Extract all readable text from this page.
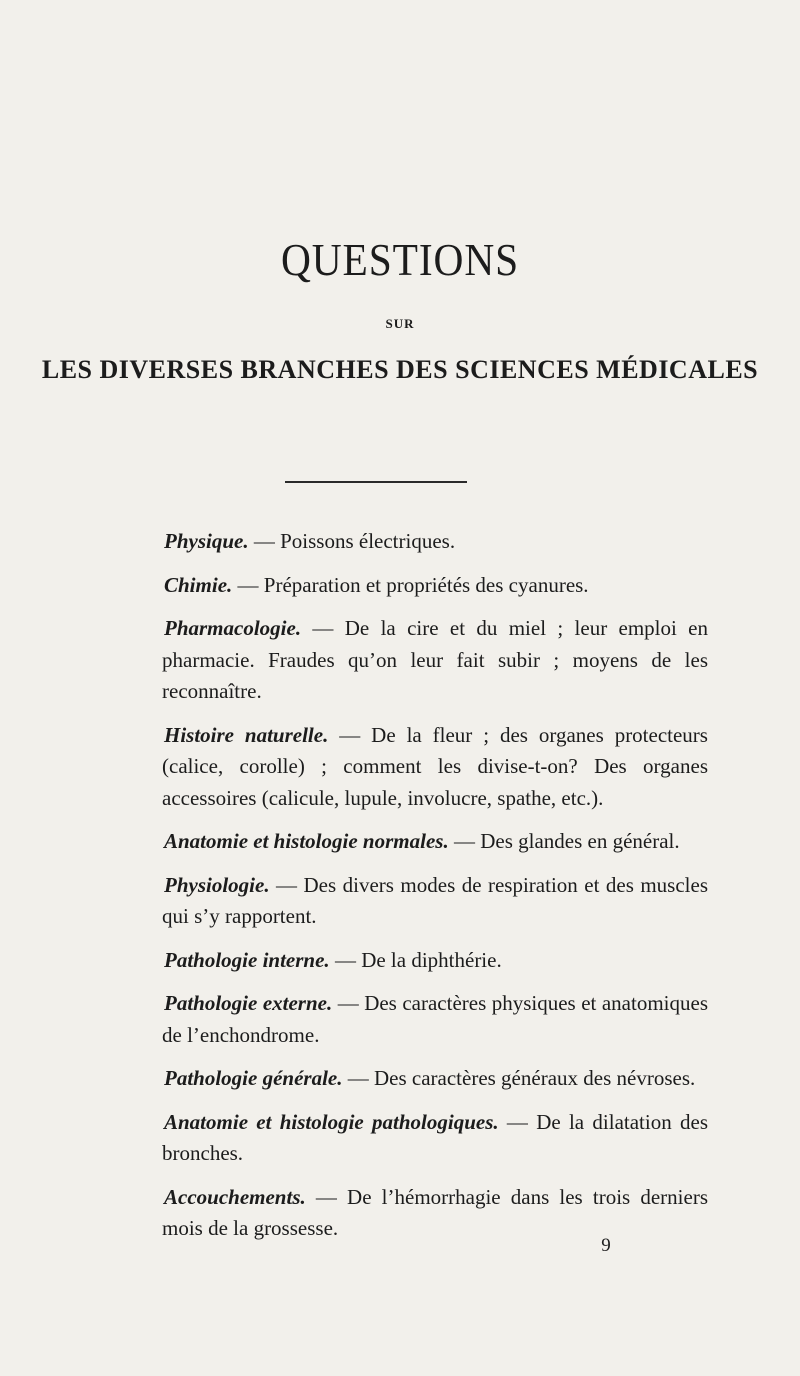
QUESTIONS

SUR

LES DIVERSES BRANCHES DES SCIENCES MÉDICALES

Physique. — Poissons électriques.

Chimie. — Préparation et propriétés des cyanures.

Pharmacologie. — De la cire et du miel ; leur emploi en pharmacie. Fraudes qu’on leur fait subir ; moyens de les reconnaître.

Histoire naturelle. — De la fleur ; des organes protecteurs (calice, corolle) ; comment les divise-t-on? Des organes accessoires (calicule, lupule, involucre, spathe, etc.).

Anatomie et histologie normales. — Des glandes en général.

Physiologie. — Des divers modes de respiration et des muscles qui s’y rapportent.

Pathologie interne. — De la diphthérie.

Pathologie externe. — Des caractères physiques et anatomiques de l’enchondrome.

Pathologie générale. — Des caractères généraux des névroses.

Anatomie et histologie pathologiques. — De la dilatation des bronches.

Accouchements. — De l’hémorrhagie dans les trois derniers mois de la grossesse.

9
